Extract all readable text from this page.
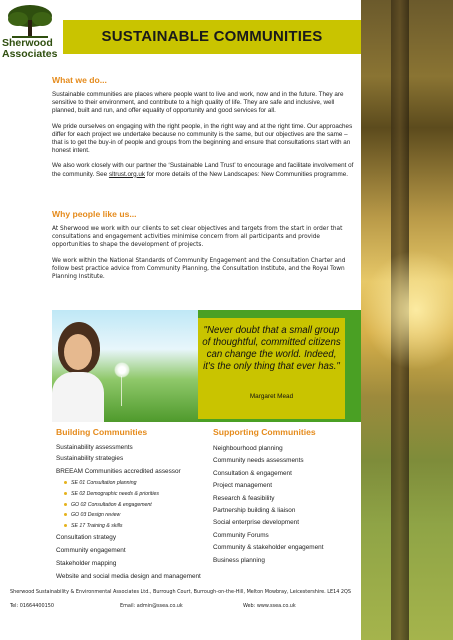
Sherwood
Associates
SUSTAINABLE COMMUNITIES

What we do...

Sustainable communities are places where people want to live and work, now and in the future. They are sensitive to their environment, and contribute to a high quality of life. They are safe and inclusive, well planned, built and run, and offer equality of opportunity and good services for all.

We pride ourselves on engaging with the right people, in the right way and at the right time. Our approaches differ for each project we undertake because no community is the same, but our objectives are the same – that is to get the buy-in of people and groups from the beginning and ensure that consultations start with an honest intent.

We also work closely with our partner the ‘Sustainable Land Trust’ to encourage and facilitate involvement of the community. See sltrust.org.uk for more details of the New Landscapes: New Communities programme.

Why people like us...

At Sherwood we work with our clients to set clear objectives and targets from the start in order that consultations and engagement activities minimise concern from all participants and provide opportunities to shape the development of projects.

We work within the National Standards of Community Engagement and the Consultation Charter and follow best practice advice from Community Planning, the Consultation Institute, and the Royal Town Planning Institute.

"Never doubt that a small group of thoughtful, committed citizens can change the world. Indeed, it's the only thing that ever has."
Margaret Mead
Building Communities
Sustainability assessments
Sustainability strategies
BREEAM Communities accredited assessor
SE 01 Consultation planning
SE 02 Demographic needs & priorities
GO 02 Consultation & engagement
GO 03 Design review
SE 17 Training & skills
Consultation strategy
Community engagement
Stakeholder mapping
Website and social media design and management
Supporting Communities
Neighbourhood planning
Community needs assessments
Consultation & engagement
Project management
Research & feasibility
Partnership building & liaison
Social enterprise development
Community Forums
Community & stakeholder engagement
Business planning
Sherwood Sustainability & Environmental Associates Ltd., Burrough Court, Burrough-on-the-Hill, Melton Mowbray, Leicestershire. LE14 2QS
Tel: 01664400150	Email: admin@ssea.co.uk	Web: www.ssea.co.uk
